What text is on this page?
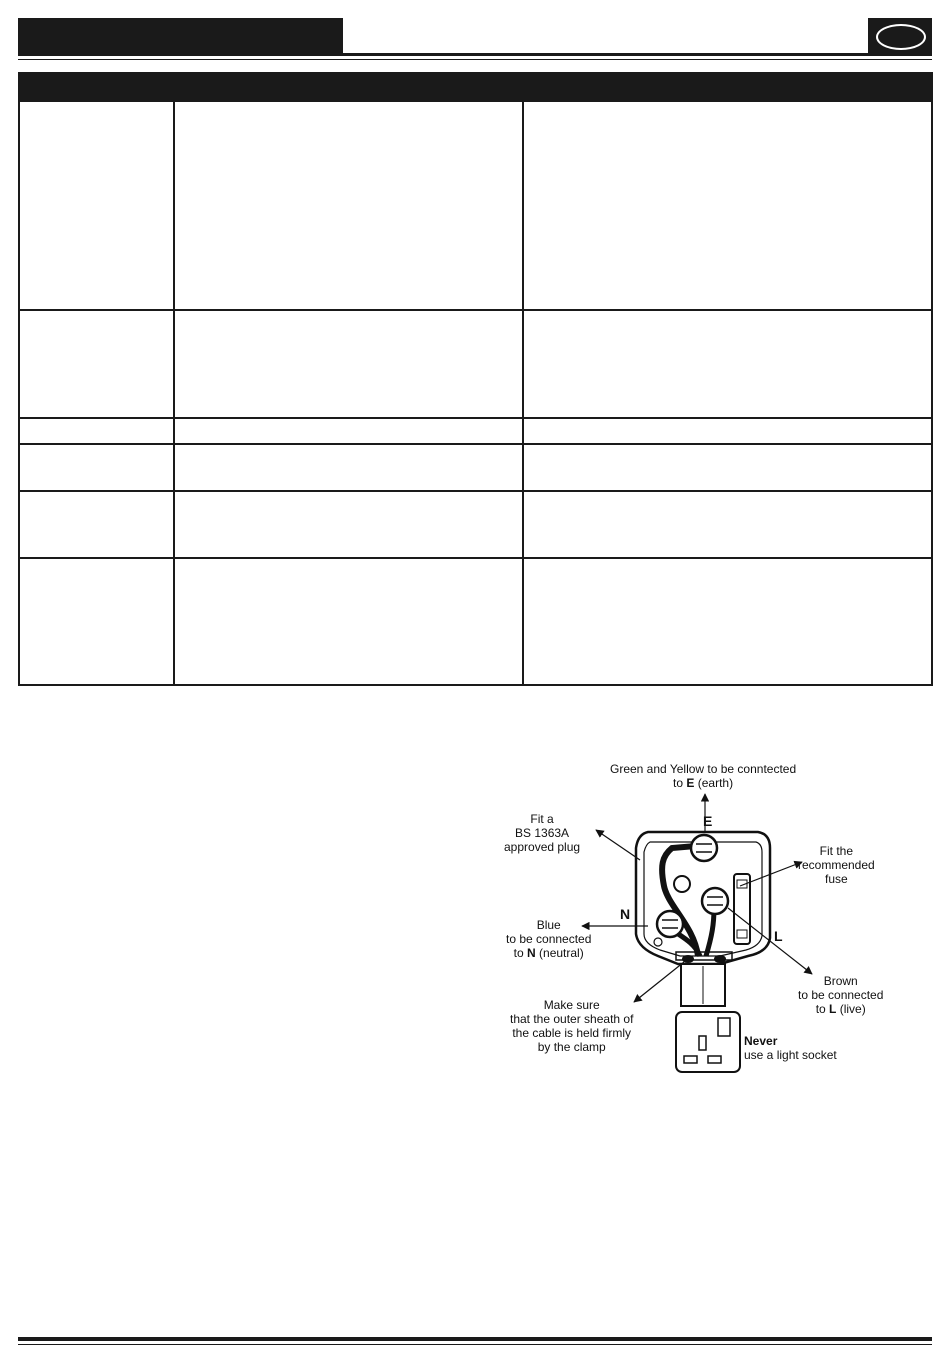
Green and Yellow to be conntected
to E (earth)
E
Fit a
BS 1363A
approved plug	Fit the
recommended
fuse
N
Blue
to be connected
to N (neutral)
L
Brown
to be connected
to L (live)
Make sure
that the outer sheath of
the cable is held firmly
by the clamp	Never
use a light socket
